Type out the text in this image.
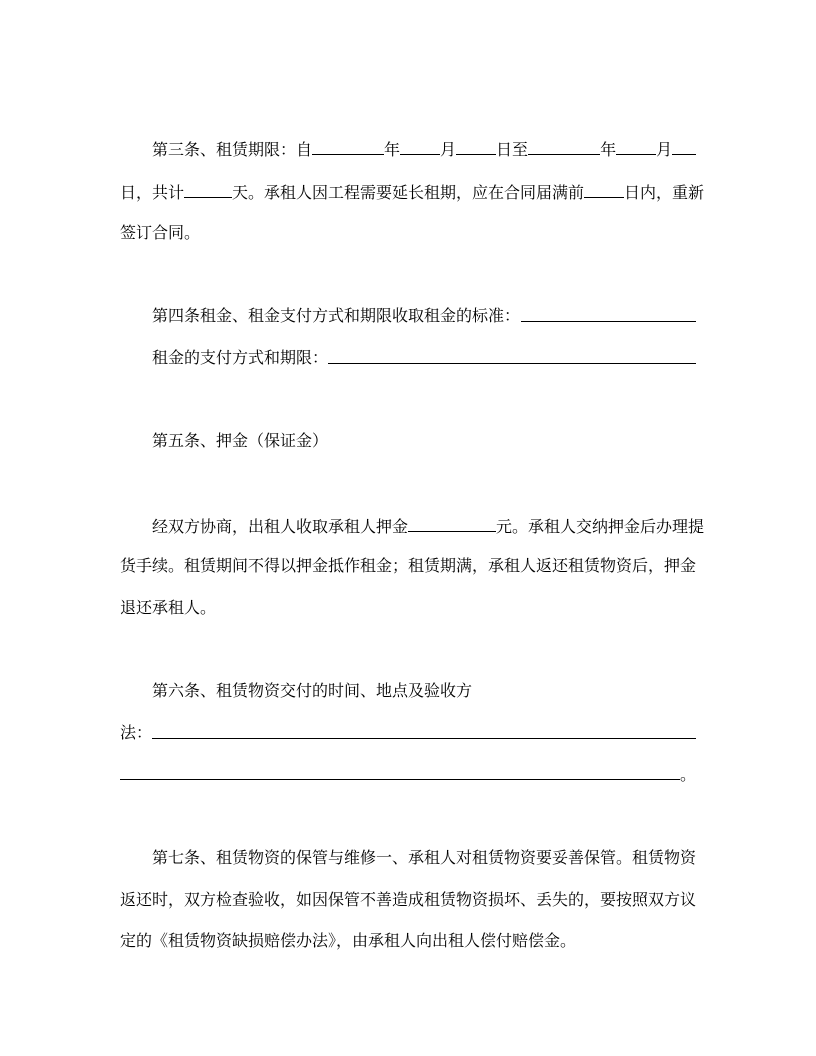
第三条、租赁期限：自	年	月	日至	年	月
日，共计	天。承租人因工程需要延长租期，应在合同届满前	日内，重新
签订合同。
第四条租金、租金支付方式和期限收取租金的标准：
租金的支付方式和期限：
第五条、押金（保证金）
经双方协商，出租人收取承租人押金	元。承租人交纳押金后办理提
货手续。租赁期间不得以押金抵作租金；租赁期满，承租人返还租赁物资后，押金
退还承租人。
第六条、租赁物资交付的时间、地点及验收方
法：
。
第七条、租赁物资的保管与维修一、承租人对租赁物资要妥善保管。租赁物资
返还时，双方检查验收，如因保管不善造成租赁物资损坏、丢失的，要按照双方议
定的《租赁物资缺损赔偿办法》，由承租人向出租人偿付赔偿金。
